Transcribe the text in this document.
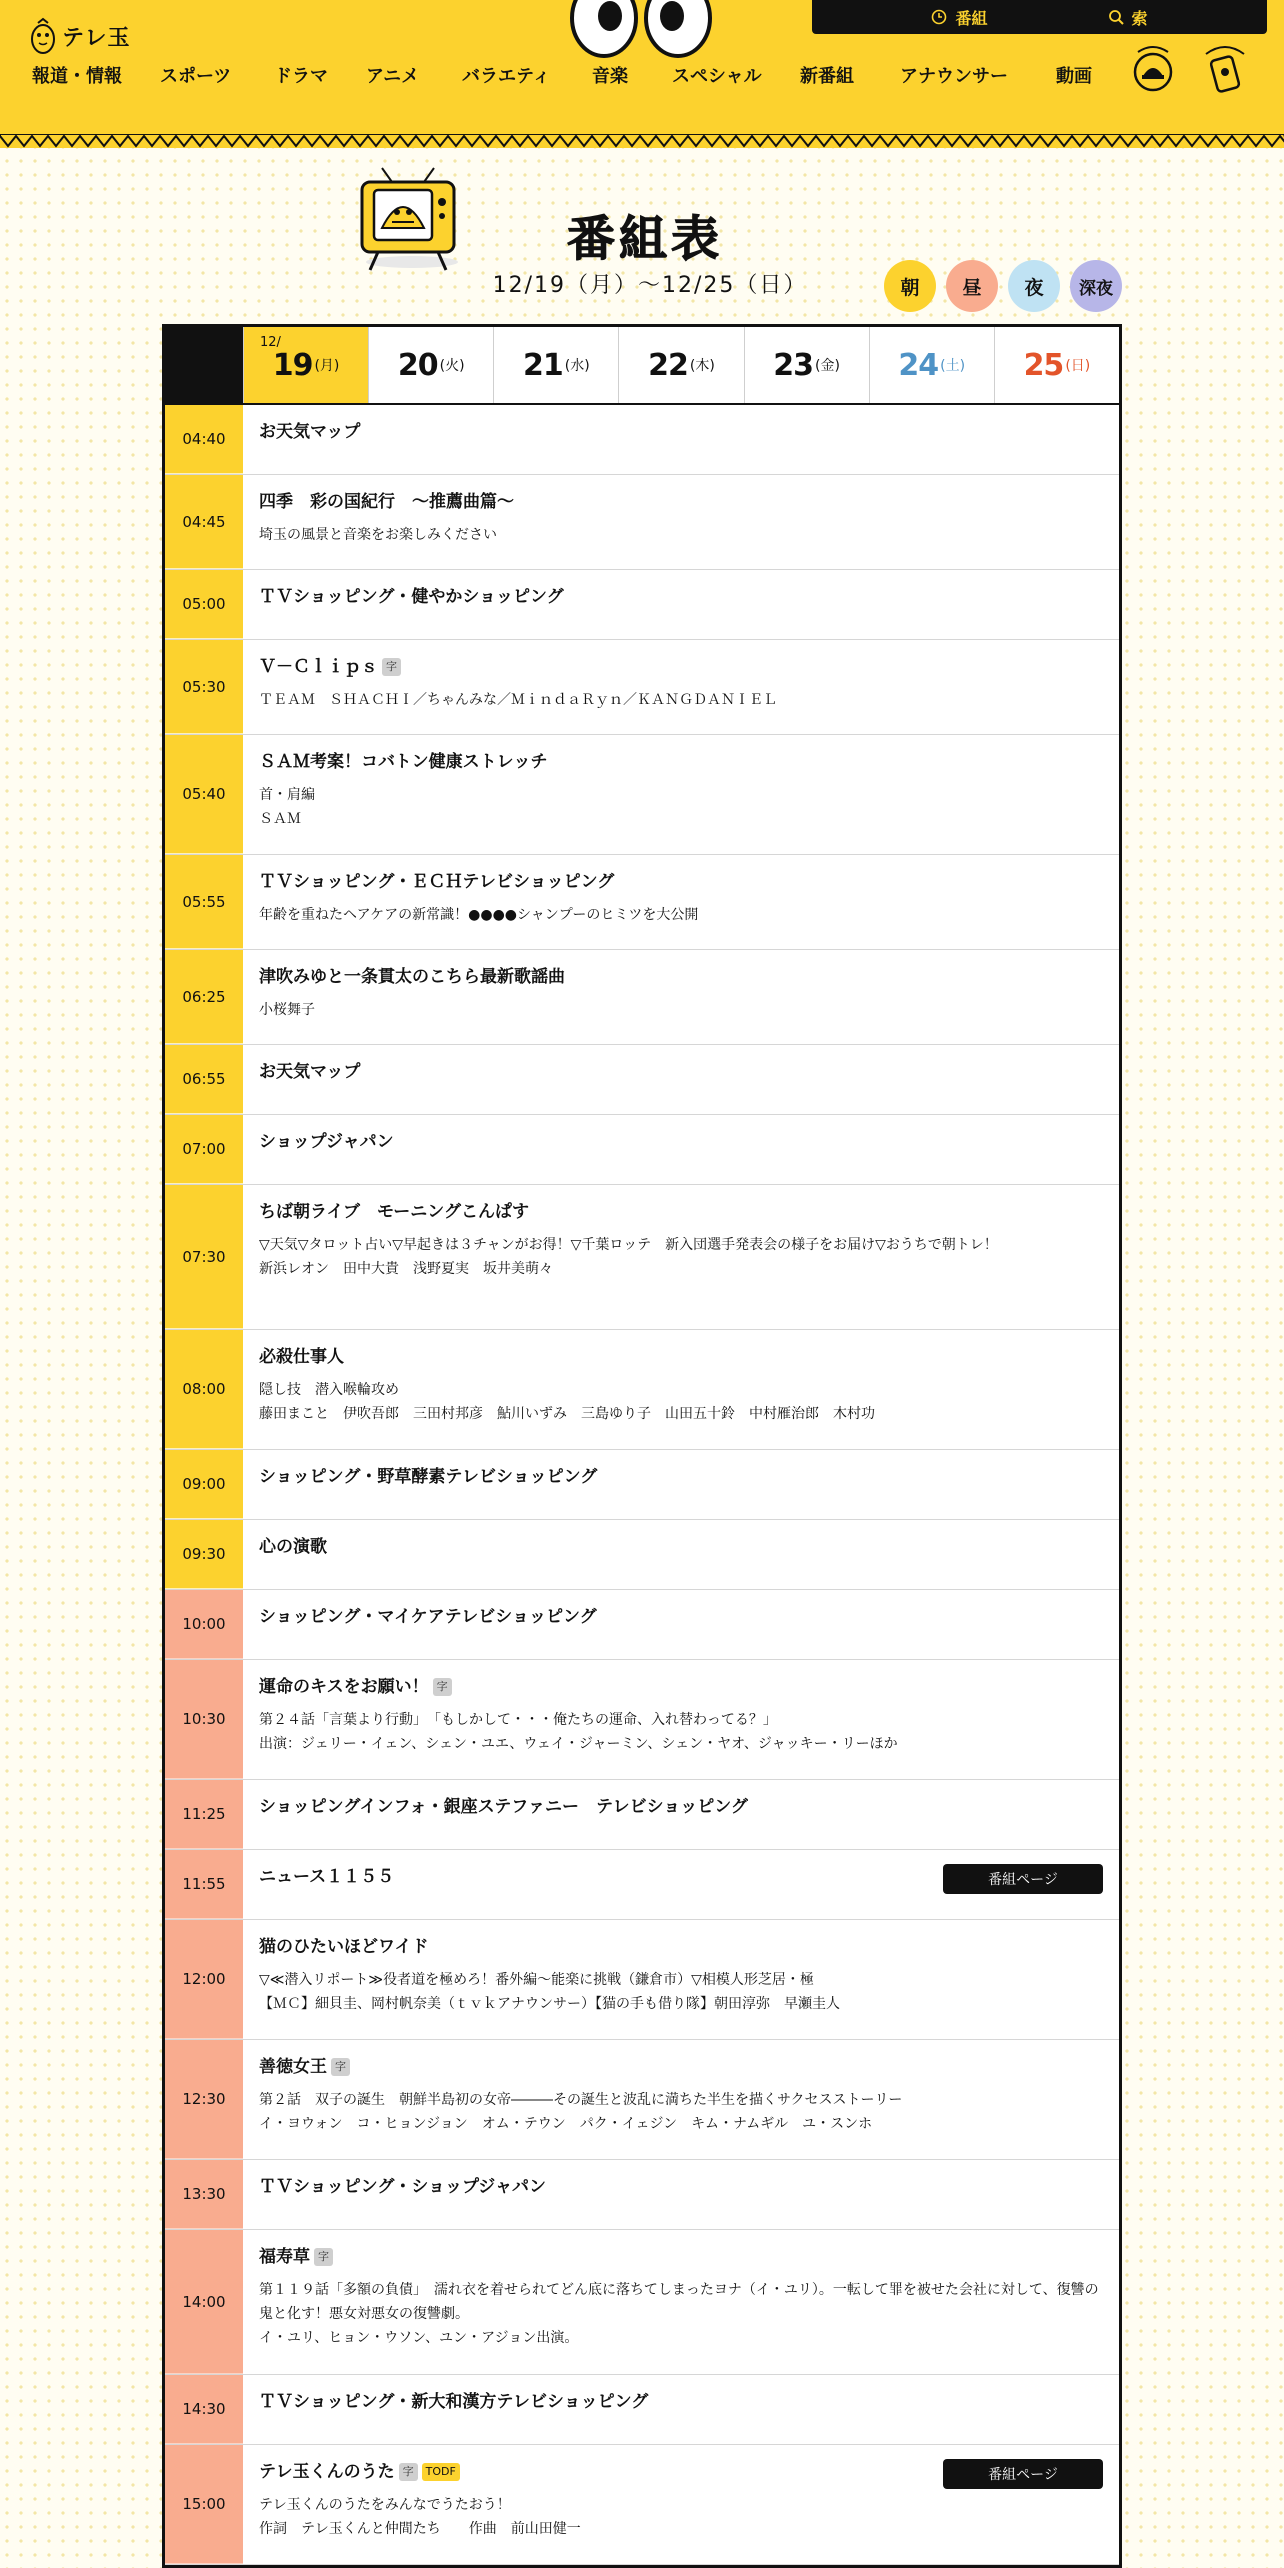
テレ玉
番組	索
報道・情報	スポーツ	ドラマ	アニメ	バラエティ	音楽	スペシャル	新番組	アナウンサー	動画
番組表
12/19（月）〜12/25（日）	朝	昼	夜	深夜
12/
19 (月) 20 (火) 21 (水) 22 (木) 23 (金) 24 (土) 25 (日)
04:40	お天気マップ
04:45
四季　彩の国紀行　～推薦曲篇～
埼玉の風景と音楽をお楽しみください
05:00	ＴＶショッピング・健やかショッピング
05:30
Ｖ－Ｃｌｉｐｓ 字
ＴＥＡＭ　ＳＨＡＣＨＩ／ちゃんみな／ＭｉｎｄａＲｙｎ／ＫＡＮＧＤＡＮＩＥＬ
05:40
ＳＡＭ考案！コバトン健康ストレッチ
首・肩編
ＳＡＭ
05:55
ＴＶショッピング・ＥＣＨテレビショッピング
年齢を重ねたヘアケアの新常識！●●●●シャンプーのヒミツを大公開
06:25
津吹みゆと一条貫太のこちら最新歌謡曲
小桜舞子
06:55	お天気マップ
07:00	ショップジャパン
07:30
ちば朝ライブ　モーニングこんぱす
▽天気▽タロット占い▽早起きは３チャンがお得！▽千葉ロッテ　新入団選手発表会の様子をお届け▽おうちで朝トレ！
新浜レオン　田中大貴　浅野夏実　坂井美萌々
08:00
必殺仕事人
隠し技　潜入喉輪攻め
藤田まこと　伊吹吾郎　三田村邦彦　鮎川いずみ　三島ゆり子　山田五十鈴　中村雁治郎　木村功
09:00	ショッピング・野草酵素テレビショッピング
09:30	心の演歌
10:00	ショッピング・マイケアテレビショッピング
10:30
運命のキスをお願い！ 字
第２４話「言葉より行動」　「もしかして・・・俺たちの運命、入れ替わってる？」
出演：ジェリー・イェン、シェン・ユエ、ウェイ・ジャーミン、シェン・ヤオ、ジャッキー・リーほか
11:25	ショッピングインフォ・銀座ステファニー　テレビショッピング
11:55	ニュース１１５５	番組ページ
12:00
猫のひたいほどワイド
▽≪潜入リポート≫役者道を極めろ！番外編～能楽に挑戦（鎌倉市）▽相模人形芝居・極
【ＭＣ】細貝圭、岡村帆奈美（ｔｖｋアナウンサー）【猫の手も借り隊】朝田淳弥　早瀬圭人
12:30
善徳女王 字
第２話　双子の誕生　朝鮮半島初の女帝―――その誕生と波乱に満ちた半生を描くサクセスストーリー
イ・ヨウォン　コ・ヒョンジョン　オム・テウン　パク・イェジン　キム・ナムギル　ユ・スンホ
13:30	ＴＶショッピング・ショップジャパン
14:00
福寿草 字
第１１９話「多額の負債」　濡れ衣を着せられてどん底に落ちてしまったヨナ（イ・ユリ）。一転して罪を被せた会社に対して、復讐の鬼と化す！悪女対悪女の復讐劇。
イ・ユリ、ヒョン・ウソン、ユン・アジョン出演。
14:30	ＴＶショッピング・新大和漢方テレビショッピング
15:00
テレ玉くんのうた 字	TODF
テレ玉くんのうたをみんなでうたおう！
作詞　テレ玉くんと仲間たち　　作曲　前山田健一
番組ページ
